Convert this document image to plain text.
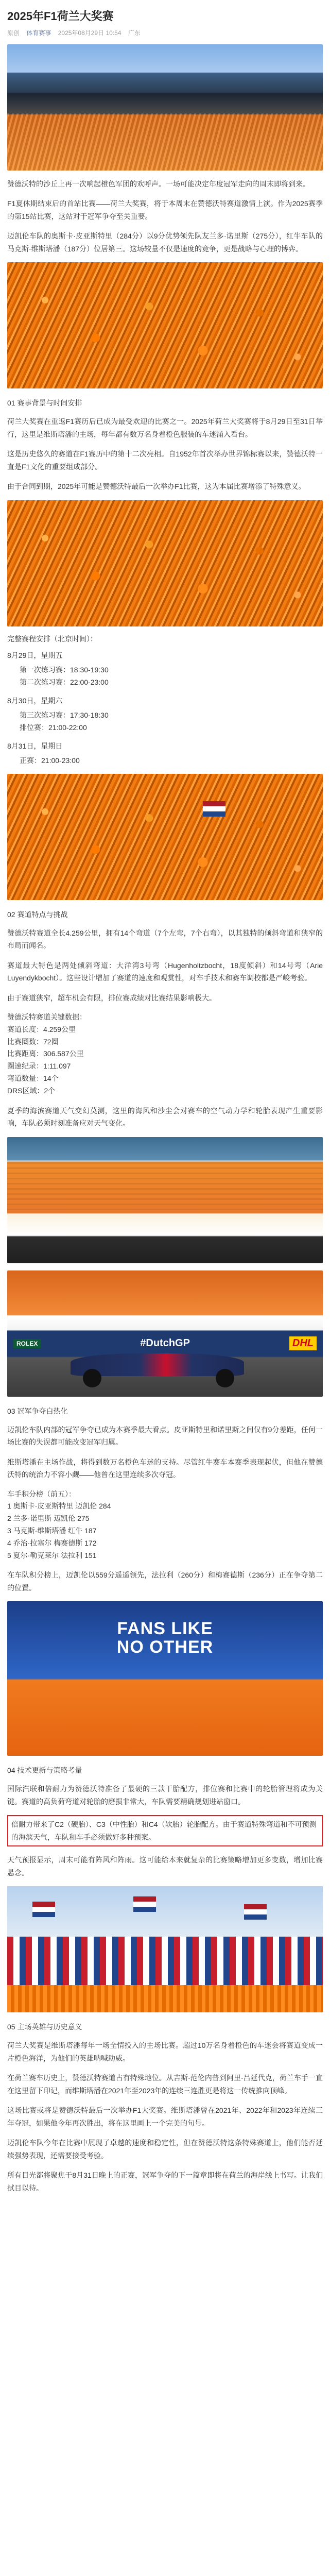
2025年F1荷兰大奖赛
原创 体育赛事 2025年08月29日 10:54 广东

赞德沃特的沙丘上再一次响起橙色军团的欢呼声。一场可能决定年度冠军走向的周末即将到来。

F1夏休期结束后的首站比赛——荷兰大奖赛，将于本周末在赞德沃特赛道激情上演。作为2025赛季的第15站比赛，这站对于冠军争夺至关重要。

迈凯伦车队的奥斯卡·皮亚斯特里（284分）以9分优势领先队友兰多·诺里斯（275分），红牛车队的马克斯·维斯塔潘（187分）位居第三。这场较量不仅是速度的竞争，更是战略与心理的博弈。

01 赛事背景与时间安排

荷兰大奖赛在重返F1赛历后已成为最受欢迎的比赛之一。2025年荷兰大奖赛将于8月29日至31日举行，这里是维斯塔潘的主场，每年都有数万名身着橙色服装的车迷涌入看台。

这是历史悠久的赛道在F1赛历中的第十二次亮相。自1952年首次举办世界锦标赛以来，赞德沃特一直是F1文化的重要组成部分。

由于合同到期，2025年可能是赞德沃特最后一次举办F1比赛，这为本届比赛增添了特殊意义。

完整赛程安排（北京时间）：
8月29日，星期五
第一次练习赛：18:30-19:30
第二次练习赛：22:00-23:00
8月30日，星期六
第三次练习赛：17:30-18:30
排位赛：21:00-22:00
8月31日，星期日
正赛：21:00-23:00
02 赛道特点与挑战

赞德沃特赛道全长4.259公里，拥有14个弯道（7个左弯，7个右弯），以其独特的倾斜弯道和狭窄的布局而闻名。

赛道最大特色是两处倾斜弯道：大洋湾3号弯（Hugenholtzbocht，18度倾斜）和14号弯（Arie Luyendykbocht）。这些设计增加了赛道的速度和观赏性，对车手技术和赛车调校都是严峻考验。

由于赛道狭窄，超车机会有限，排位赛成绩对比赛结果影响极大。

赞德沃特赛道关键数据：
赛道长度：4.259公里
比赛圈数：72圈
比赛距离：306.587公里
圈速纪录：1:11.097
弯道数量：14个
DRS区域：2个

夏季的海滨赛道天气变幻莫测，这里的海风和沙尘会对赛车的空气动力学和轮胎表现产生重要影响，车队必须时刻准备应对天气变化。

ROLEX	#DutchGP	DHL
03 冠军争夺白热化

迈凯伦车队内部的冠军争夺已成为本赛季最大看点。皮亚斯特里和诺里斯之间仅有9分差距，任何一场比赛的失误都可能改变冠军归属。

维斯塔潘在主场作战，将得到数万名橙色车迷的支持。尽管红牛赛车本赛季表现起伏，但他在赞德沃特的统治力不容小觑——他曾在这里连续多次夺冠。

车手积分榜（前五）：
1 奥斯卡·皮亚斯特里 迈凯伦 284
2 兰多·诺里斯 迈凯伦 275
3 马克斯·维斯塔潘 红牛 187
4 乔治·拉塞尔 梅赛德斯 172
5 夏尔·勒克莱尔 法拉利 151

在车队积分榜上，迈凯伦以559分遥遥领先，法拉利（260分）和梅赛德斯（236分）正在争夺第二的位置。

FANS LIKE
NO OTHER
04 技术更新与策略考量

国际汽联和倍耐力为赞德沃特准备了最硬的三款干胎配方，排位赛和比赛中的轮胎管理将成为关键。赛道的高负荷弯道对轮胎的磨损非常大，车队需要精确规划进站窗口。

倍耐力带来了C2（硬胎）、C3（中性胎）和C4（软胎）轮胎配方。由于赛道特殊弯道和不可预测的海滨天气，车队和车手必须做好多种预案。

天气预报显示，周末可能有阵风和阵雨。这可能给本来就复杂的比赛策略增加更多变数，增加比赛悬念。

05 主场英雄与历史意义

荷兰大奖赛是维斯塔潘每年一场全情投入的主场比赛。超过10万名身着橙色的车迷会将赛道变成一片橙色海洋，为他们的英雄呐喊助威。

在荷兰赛车历史上，赞德沃特赛道占有特殊地位。从吉斯·范伦内普到阿里·吕延代克，荷兰车手一直在这里留下印记，而维斯塔潘在2021年至2023年的连续三连胜更是将这一传统推向顶峰。

这场比赛或将是赞德沃特最后一次举办F1大奖赛。维斯塔潘曾在2021年、2022年和2023年连续三年夺冠，如果他今年再次胜出，将在这里画上一个完美的句号。

迈凯伦车队今年在比赛中展现了卓越的速度和稳定性，但在赞德沃特这条特殊赛道上，他们能否延续强势表现，还需要接受考验。

所有目光都将聚焦于8月31日晚上的正赛，冠军争夺的下一篇章即将在荷兰的海岸线上书写。让我们拭目以待。
